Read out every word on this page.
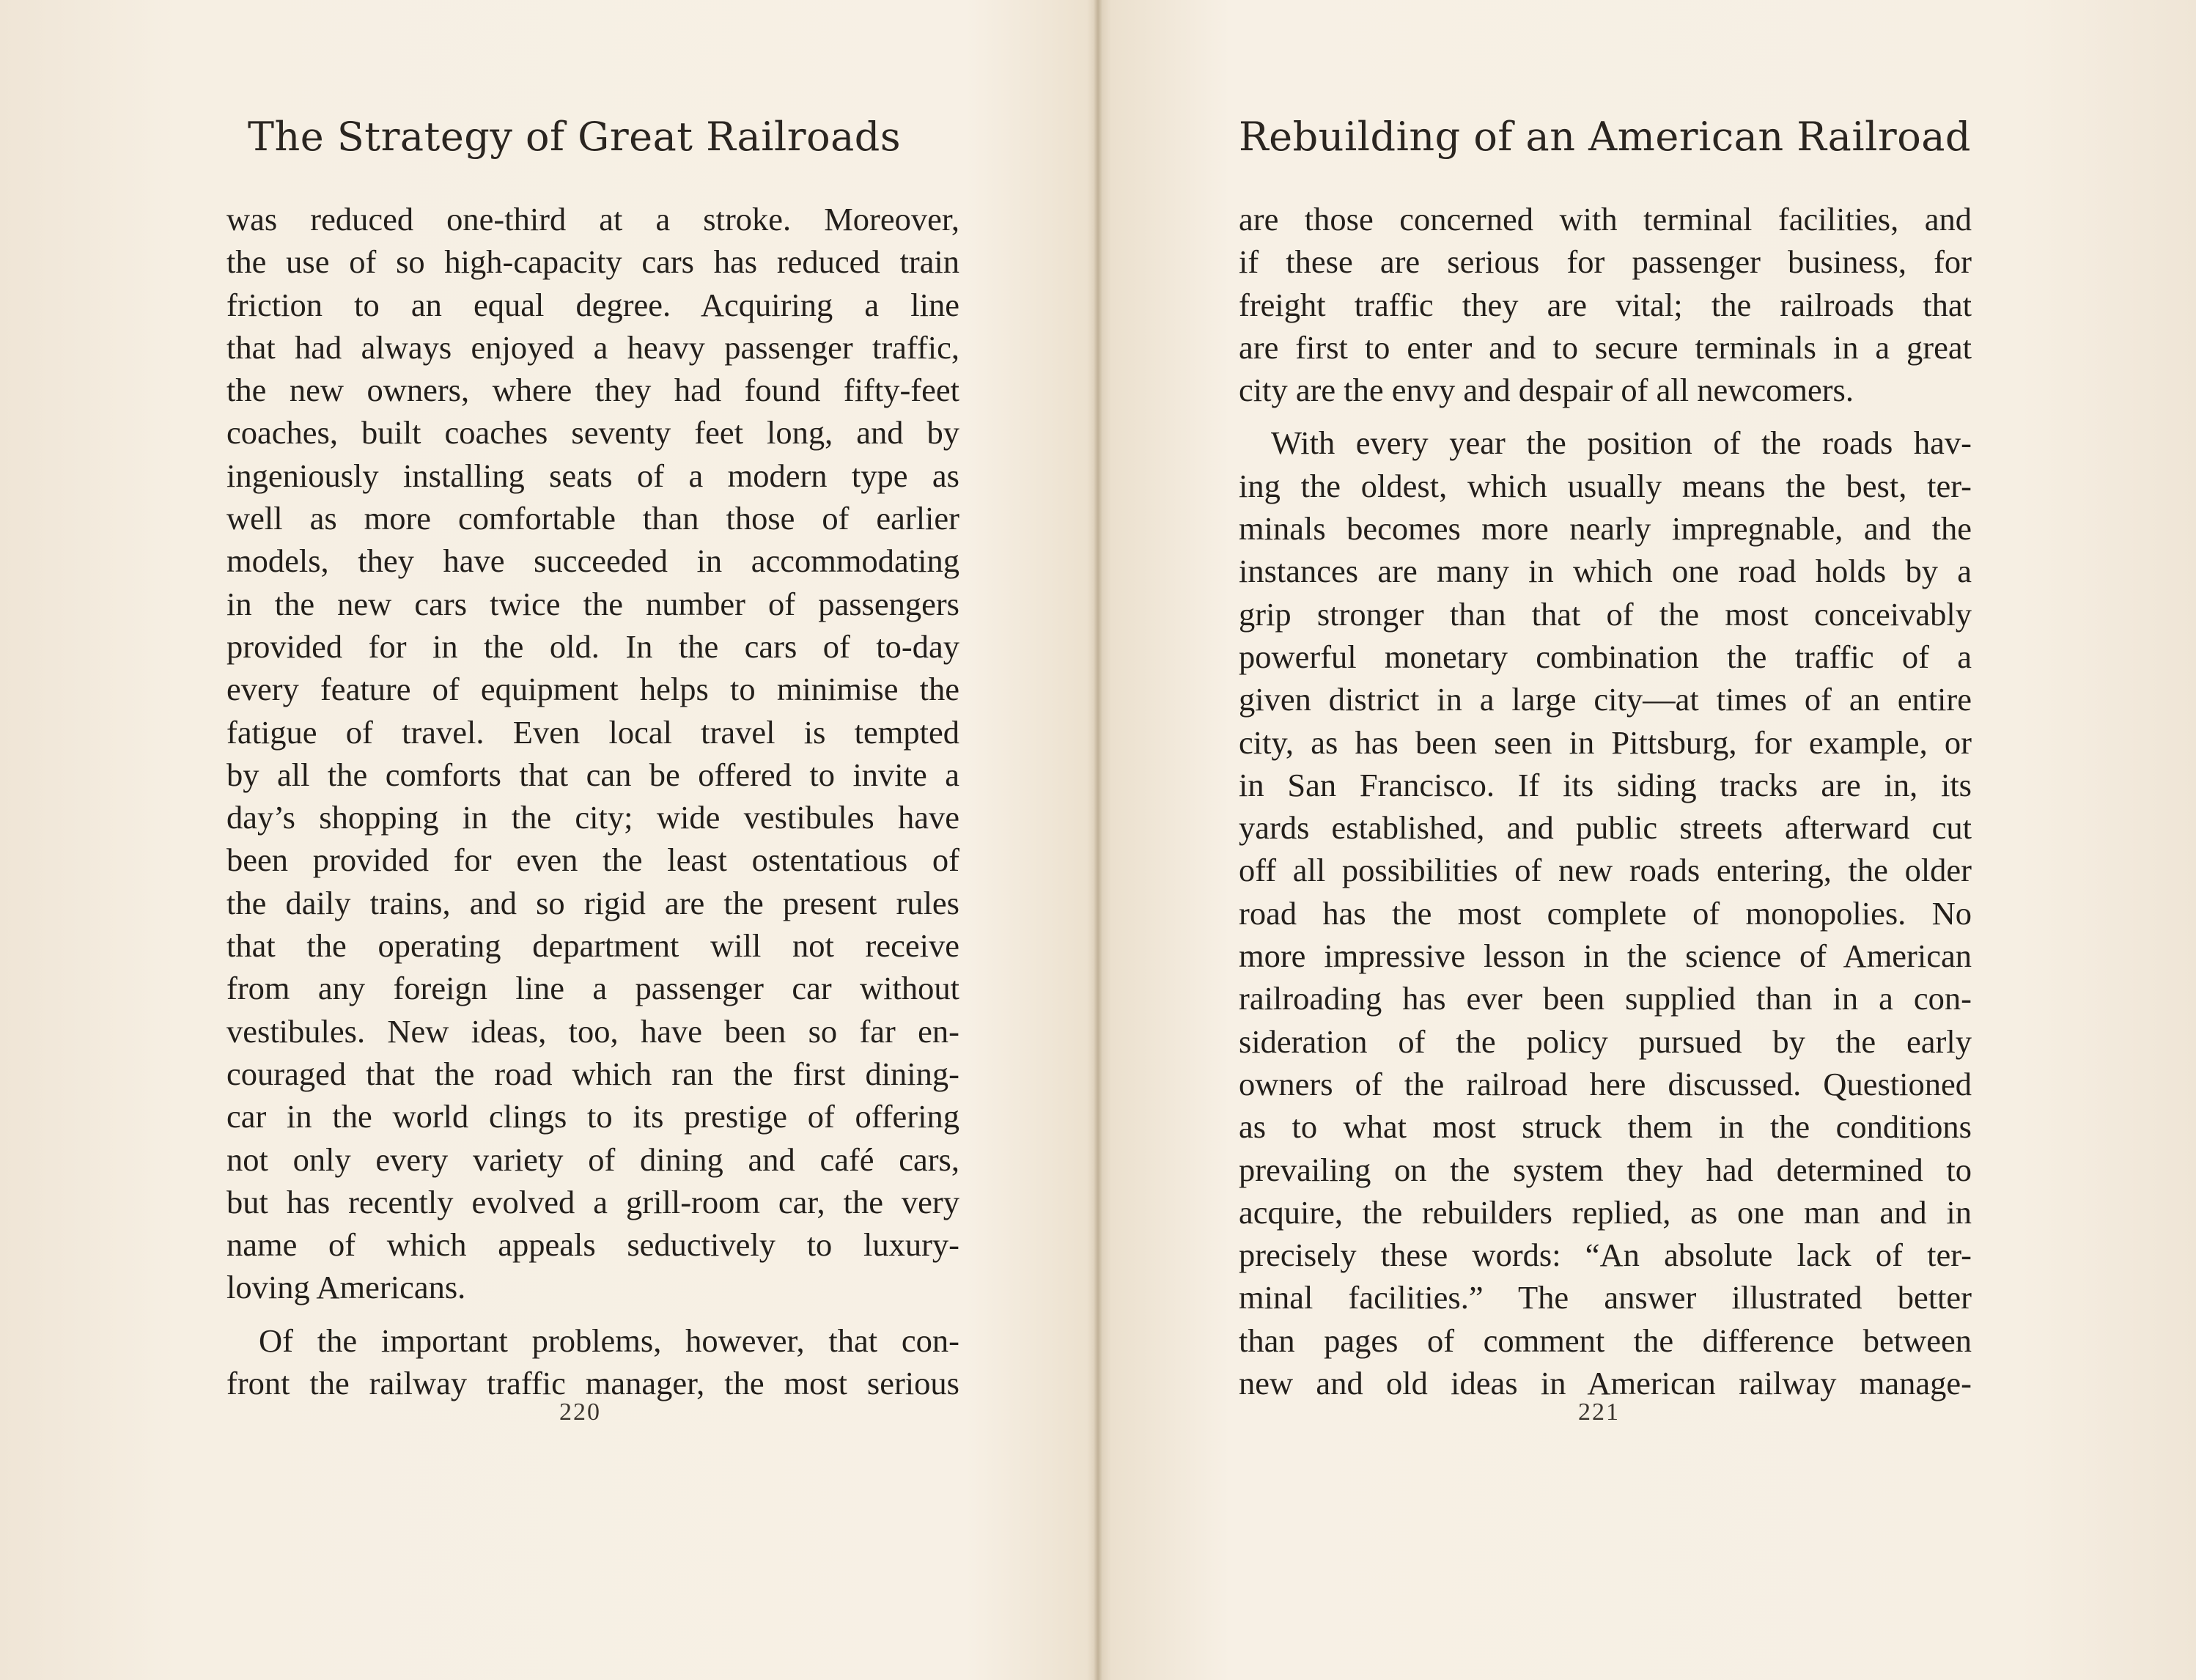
The Strategy of Great Railroads
was reduced one-third at a stroke. Moreover,
the use of so high-capacity cars has reduced train
friction to an equal degree. Acquiring a line
that had always enjoyed a heavy passenger traffic,
the new owners, where they had found fifty-feet
coaches, built coaches seventy feet long, and by
ingeniously installing seats of a modern type as
well as more comfortable than those of earlier
models, they have succeeded in accommodating
in the new cars twice the number of passengers
provided for in the old. In the cars of to-day
every feature of equipment helps to minimise the
fatigue of travel. Even local travel is tempted
by all the comforts that can be offered to invite a
day’s shopping in the city; wide vestibules have
been provided for even the least ostentatious of
the daily trains, and so rigid are the present rules
that the operating department will not receive
from any foreign line a passenger car without
vestibules. New ideas, too, have been so far en-
couraged that the road which ran the first dining-
car in the world clings to its prestige of offering
not only every variety of dining and café cars,
but has recently evolved a grill-room car, the very
name of which appeals seductively to luxury-
loving Americans.
Of the important problems, however, that con-
front the railway traffic manager, the most serious
220
Rebuilding of an American Railroad
are those concerned with terminal facilities, and
if these are serious for passenger business, for
freight traffic they are vital; the railroads that
are first to enter and to secure terminals in a great
city are the envy and despair of all newcomers.
With every year the position of the roads hav-
ing the oldest, which usually means the best, ter-
minals becomes more nearly impregnable, and the
instances are many in which one road holds by a
grip stronger than that of the most conceivably
powerful monetary combination the traffic of a
given district in a large city—at times of an entire
city, as has been seen in Pittsburg, for example, or
in San Francisco. If its siding tracks are in, its
yards established, and public streets afterward cut
off all possibilities of new roads entering, the older
road has the most complete of monopolies. No
more impressive lesson in the science of American
railroading has ever been supplied than in a con-
sideration of the policy pursued by the early
owners of the railroad here discussed. Questioned
as to what most struck them in the conditions
prevailing on the system they had determined to
acquire, the rebuilders replied, as one man and in
precisely these words: “An absolute lack of ter-
minal facilities.” The answer illustrated better
than pages of comment the difference between
new and old ideas in American railway manage-
221
